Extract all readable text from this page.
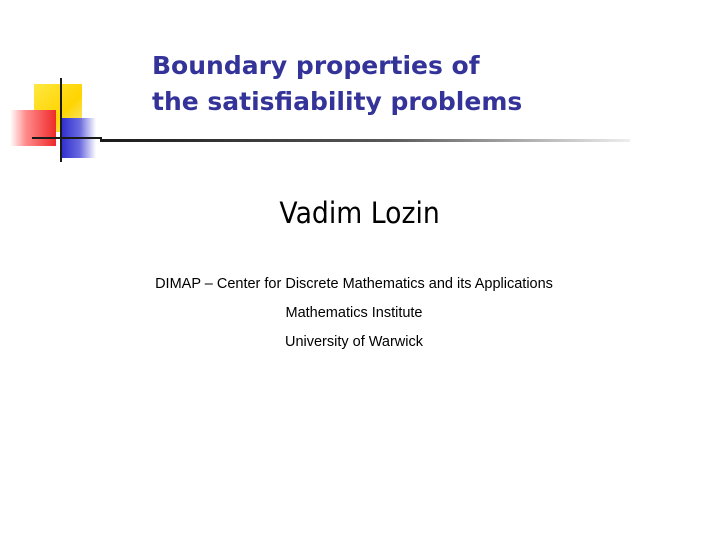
Boundary properties of
the satisfiability problems
Vadim Lozin

DIMAP – Center for Discrete Mathematics and its Applications

Mathematics Institute

University of Warwick
